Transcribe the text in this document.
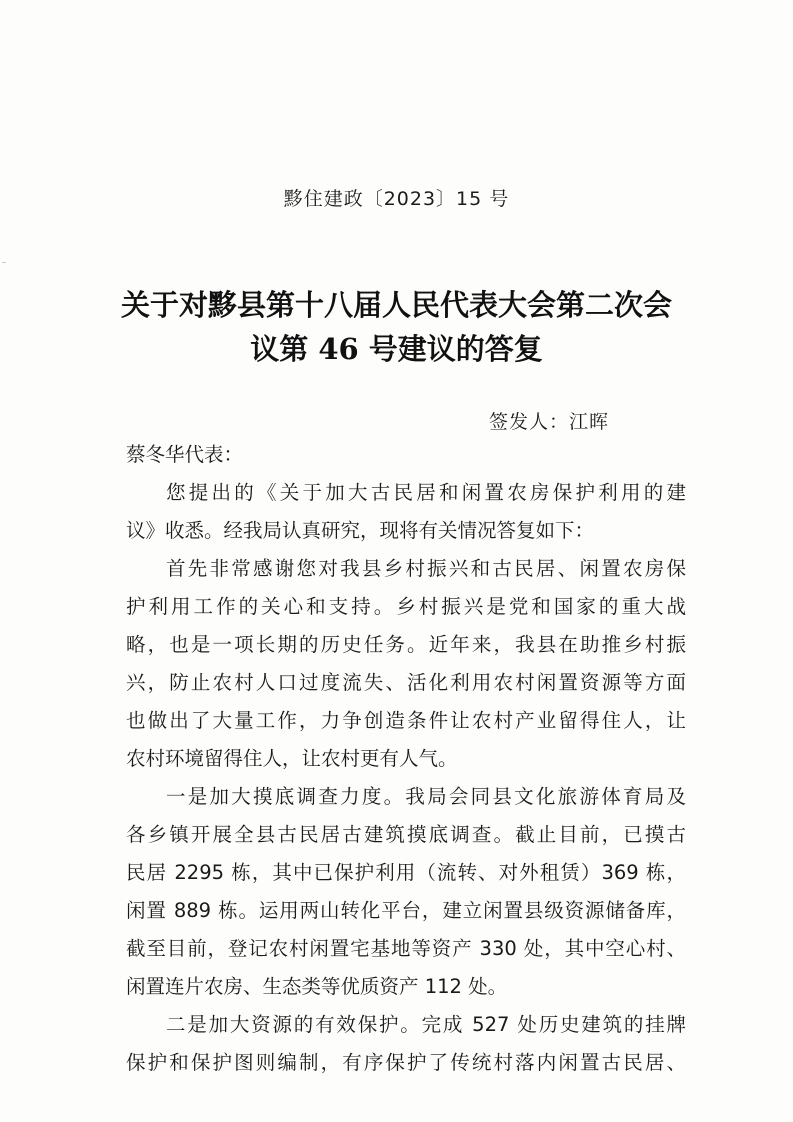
黟住建政〔2023〕15 号
关于对黟县第十八届人民代表大会第二次会
议第 46 号建议的答复
签发人：江晖
蔡冬华代表：
您提出的《关于加大古民居和闲置农房保护利用的建
议》收悉。经我局认真研究，现将有关情况答复如下：
首先非常感谢您对我县乡村振兴和古民居、闲置农房保
护利用工作的关心和支持。乡村振兴是党和国家的重大战
略，也是一项长期的历史任务。近年来，我县在助推乡村振
兴，防止农村人口过度流失、活化利用农村闲置资源等方面
也做出了大量工作，力争创造条件让农村产业留得住人，让
农村环境留得住人，让农村更有人气。
一是加大摸底调查力度。我局会同县文化旅游体育局及
各乡镇开展全县古民居古建筑摸底调查。截止目前，已摸古
民居 2295 栋，其中已保护利用（流转、对外租赁）369 栋，
闲置 889 栋。运用两山转化平台，建立闲置县级资源储备库，
截至目前，登记农村闲置宅基地等资产 330 处，其中空心村、
闲置连片农房、生态类等优质资产 112 处。
二是加大资源的有效保护。完成 527 处历史建筑的挂牌
保护和保护图则编制，有序保护了传统村落内闲置古民居、
